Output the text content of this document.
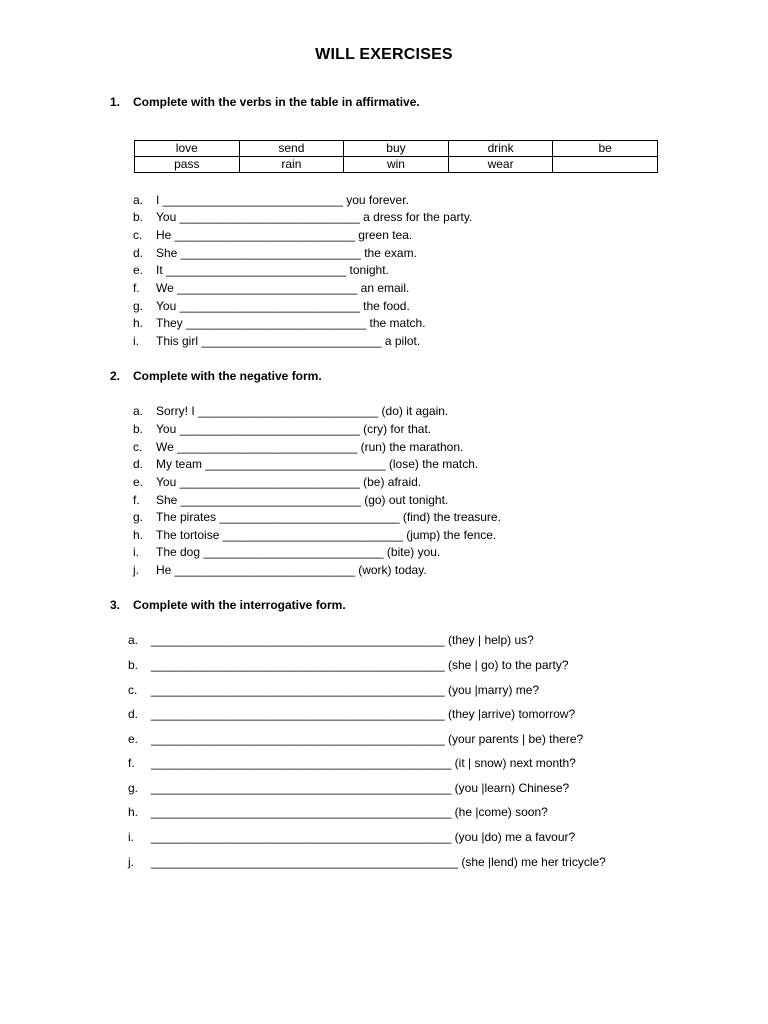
WILL EXERCISES
1. Complete with the verbs in the table in affirmative.
love	send	buy	drink	be
pass	rain	win	wear	
a. I ___________________________ you forever.
b. You ___________________________ a dress for the party.
c. He ___________________________ green tea.
d. She ___________________________ the exam.
e. It ___________________________ tonight.
f. We ___________________________ an email.
g. You ___________________________ the food.
h. They ___________________________ the match.
i. This girl ___________________________ a pilot.
2. Complete with the negative form.
a. Sorry! I ___________________________ (do) it again.
b. You ___________________________ (cry) for that.
c. We ___________________________ (run) the marathon.
d. My team ___________________________ (lose) the match.
e. You ___________________________ (be) afraid.
f. She ___________________________ (go) out tonight.
g. The pirates ___________________________ (find) the treasure.
h. The tortoise ___________________________ (jump) the fence.
i. The dog ___________________________ (bite) you.
j. He ___________________________ (work) today.
3. Complete with the interrogative form.
a. ____________________________________________ (they | help) us?
b. ____________________________________________ (she | go) to the party?
c. ____________________________________________ (you |marry) me?
d. ____________________________________________ (they |arrive) tomorrow?
e. ____________________________________________ (your parents | be) there?
f. _____________________________________________ (it | snow) next month?
g. _____________________________________________ (you |learn) Chinese?
h. _____________________________________________ (he |come) soon?
i. _____________________________________________ (you |do) me a favour?
j. ______________________________________________ (she |lend) me her tricycle?
